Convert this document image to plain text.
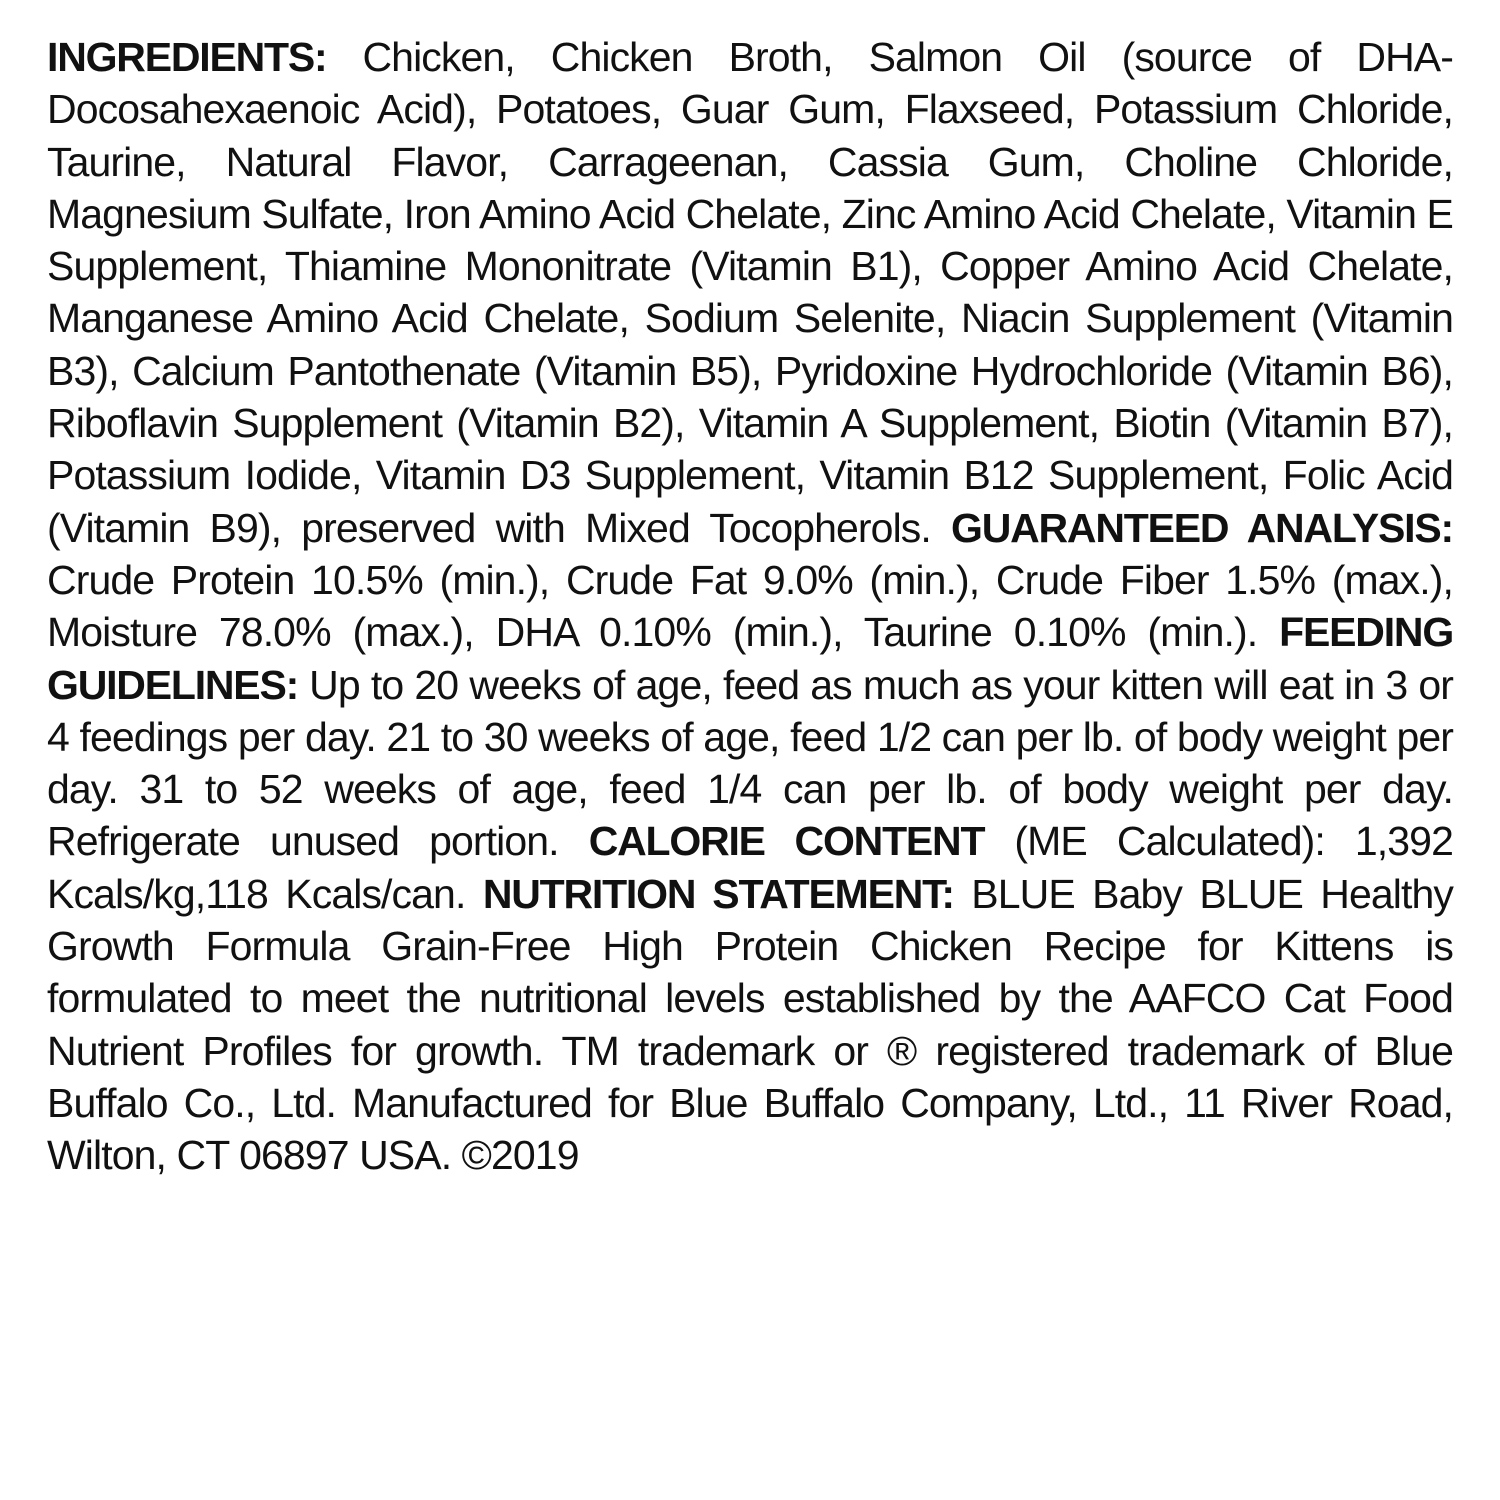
INGREDIENTS: Chicken, Chicken Broth, Salmon Oil (source of DHA-Docosahexaenoic Acid), Potatoes, Guar Gum, Flaxseed, Potassium Chloride, Taurine, Natural Flavor, Carrageenan, Cassia Gum, Choline Chloride, Magnesium Sulfate, Iron Amino Acid Chelate, Zinc Amino Acid Chelate, Vitamin E Supplement, Thiamine Mononitrate (Vitamin B1), Copper Amino Acid Chelate, Manganese Amino Acid Chelate, Sodium Selenite, Niacin Supplement (Vitamin B3), Calcium Pantothenate (Vitamin B5), Pyridoxine Hydrochloride (Vitamin B6), Riboflavin Supplement (Vitamin B2), Vitamin A Supplement, Biotin (Vitamin B7), Potassium Iodide, Vitamin D3 Supplement, Vitamin B12 Supplement, Folic Acid (Vitamin B9), preserved with Mixed Tocopherols. GUARANTEED ANALYSIS: Crude Protein 10.5% (min.), Crude Fat 9.0% (min.), Crude Fiber 1.5% (max.), Moisture 78.0% (max.), DHA 0.10% (min.), Taurine 0.10% (min.). FEEDING GUIDELINES: Up to 20 weeks of age, feed as much as your kitten will eat in 3 or 4 feedings per day. 21 to 30 weeks of age, feed 1/2 can per lb. of body weight per day. 31 to 52 weeks of age, feed 1/4 can per lb. of body weight per day. Refrigerate unused portion. CALORIE CONTENT (ME Calculated): 1,392 Kcals/kg,118 Kcals/can. NUTRITION STATEMENT: BLUE Baby BLUE Healthy Growth Formula Grain-Free High Protein Chicken Recipe for Kittens is formulated to meet the nutritional levels established by the AAFCO Cat Food Nutrient Profiles for growth. TM trademark or ® registered trademark of Blue Buffalo Co., Ltd. Manufactured for Blue Buffalo Company, Ltd., 11 River Road, Wilton, CT 06897 USA. ©2019
